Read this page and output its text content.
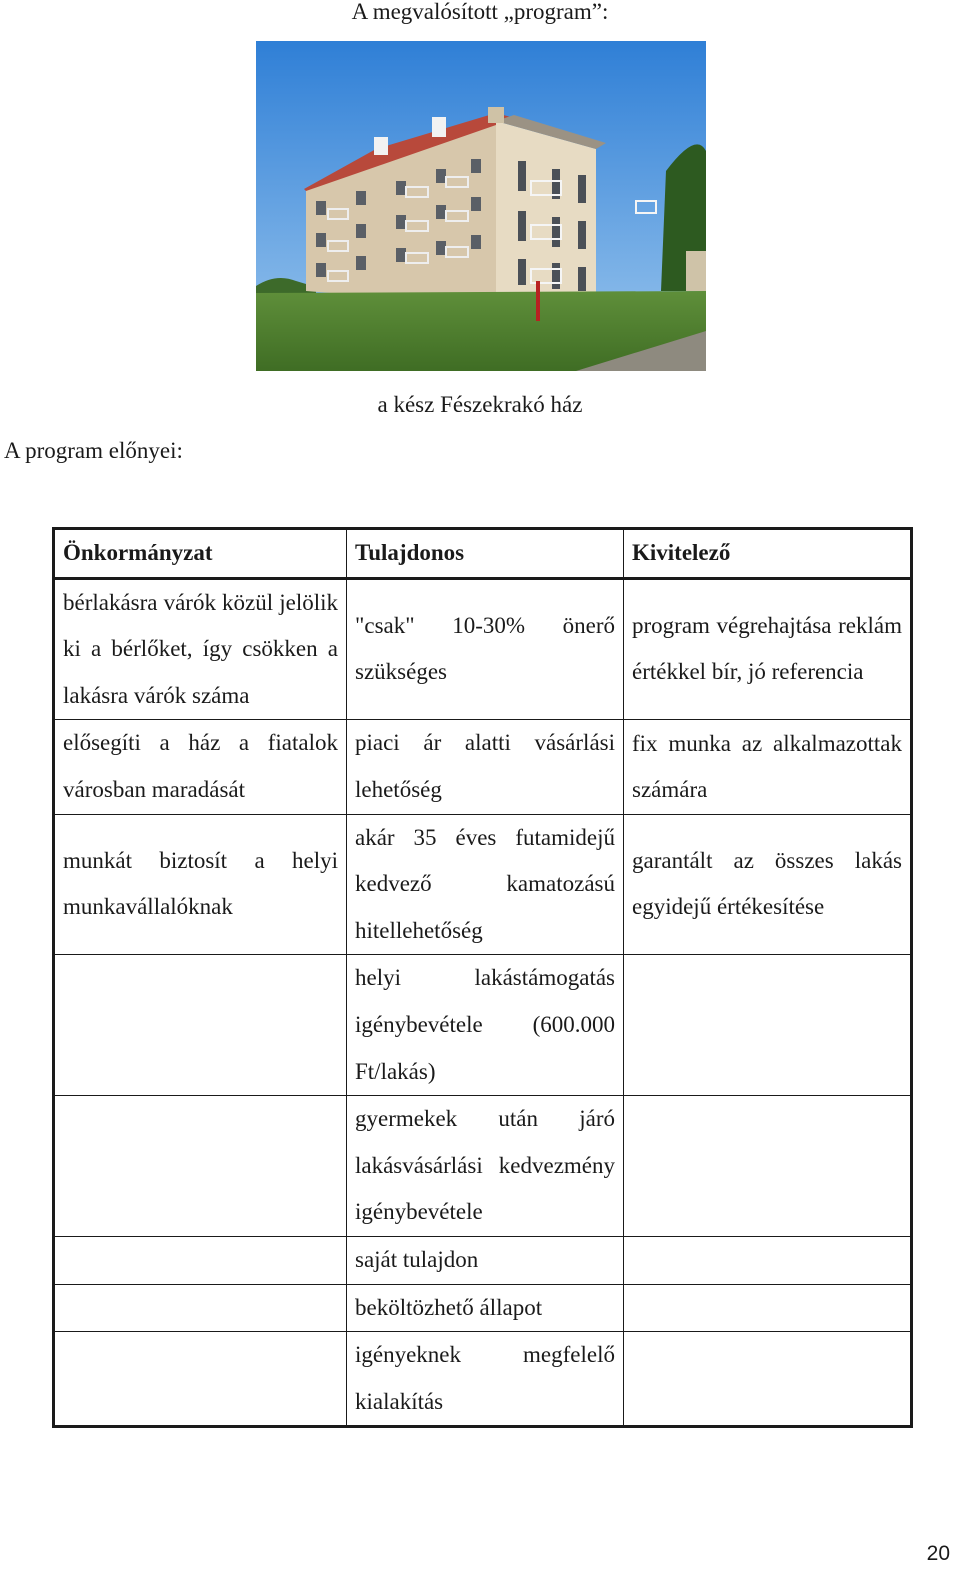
A megvalósított „program”:
a kész Fészekrakó ház
A program előnyei:
Önkormányzat	Tulajdonos	Kivitelező
bérlakásra várók közül jelölik ki a bérlőket, így csökken a lakásra várók száma	"csak" 10-30% önerő szükséges	program végrehajtása reklám értékkel bír, jó referencia
elősegíti a ház a fiatalok városban maradását	piaci ár alatti vásárlási lehetőség	fix munka az alkalmazottak számára
munkát biztosít a helyi munkavállalóknak	akár 35 éves futamidejű kedvező kamatozású hitellehetőség	garantált az összes lakás egyidejű értékesítése
	helyi lakástámogatás igénybevétele (600.000 Ft/lakás)	
	gyermekek után járó lakásvásárlási kedvezmény igénybevétele	
	saját tulajdon	
	beköltözhető állapot	
	igényeknek megfelelő kialakítás	
20
